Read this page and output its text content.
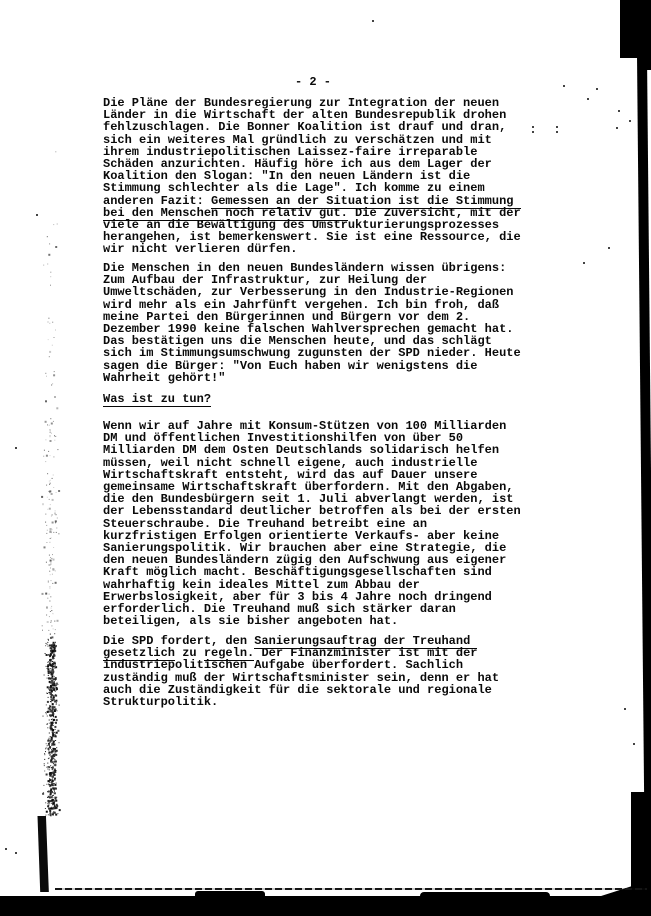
- 2 -
Die Pläne der Bundesregierung zur Integration der neuen
Länder in die Wirtschaft der alten Bundesrepublik drohen
fehlzuschlagen. Die Bonner Koalition ist drauf und dran,
sich ein weiteres Mal gründlich zu verschätzen und mit
ihrem industriepolitischen Laissez-faire irreparable
Schäden anzurichten. Häufig höre ich aus dem Lager der
Koalition den Slogan: "In den neuen Ländern ist die
Stimmung schlechter als die Lage". Ich komme zu einem
anderen Fazit: Gemessen an der Situation ist die Stimmung
bei den Menschen noch relativ gut. Die Zuversicht, mit der
viele an die Bewältigung des Umstrukturierungsprozesses
herangehen, ist bemerkenswert. Sie ist eine Ressource, die
wir nicht verlieren dürfen.
Die Menschen in den neuen Bundesländern wissen übrigens:
Zum Aufbau der Infrastruktur, zur Heilung der
Umweltschäden, zur Verbesserung in den Industrie-Regionen
wird mehr als ein Jahrfünft vergehen. Ich bin froh, daß
meine Partei den Bürgerinnen und Bürgern vor dem 2.
Dezember 1990 keine falschen Wahlversprechen gemacht hat.
Das bestätigen uns die Menschen heute, und das schlägt
sich im Stimmungsumschwung zugunsten der SPD nieder. Heute
sagen die Bürger: "Von Euch haben wir wenigstens die
Wahrheit gehört!"
Was ist zu tun?
Wenn wir auf Jahre mit Konsum-Stützen von 100 Milliarden
DM und öffentlichen Investitionshilfen von über 50
Milliarden DM dem Osten Deutschlands solidarisch helfen
müssen, weil nicht schnell eigene, auch industrielle
Wirtschaftskraft entsteht, wird das auf Dauer unsere
gemeinsame Wirtschaftskraft überfordern. Mit den Abgaben,
die den Bundesbürgern seit 1. Juli abverlangt werden, ist
der Lebensstandard deutlicher betroffen als bei der ersten
Steuerschraube. Die Treuhand betreibt eine an
kurzfristigen Erfolgen orientierte Verkaufs- aber keine
Sanierungspolitik. Wir brauchen aber eine Strategie, die
den neuen Bundesländern zügig den Aufschwung aus eigener
Kraft möglich macht. Beschäftigungsgesellschaften sind
wahrhaftig kein ideales Mittel zum Abbau der
Erwerbslosigkeit, aber für 3 bis 4 Jahre noch dringend
erforderlich. Die Treuhand muß sich stärker daran
beteiligen, als sie bisher angeboten hat.
Die SPD fordert, den Sanierungsauftrag der Treuhand
gesetzlich zu regeln. Der Finanzminister ist mit der
industriepolitischen Aufgabe überfordert. Sachlich
zuständig muß der Wirtschaftsminister sein, denn er hat
auch die Zuständigkeit für die sektorale und regionale
Strukturpolitik.
